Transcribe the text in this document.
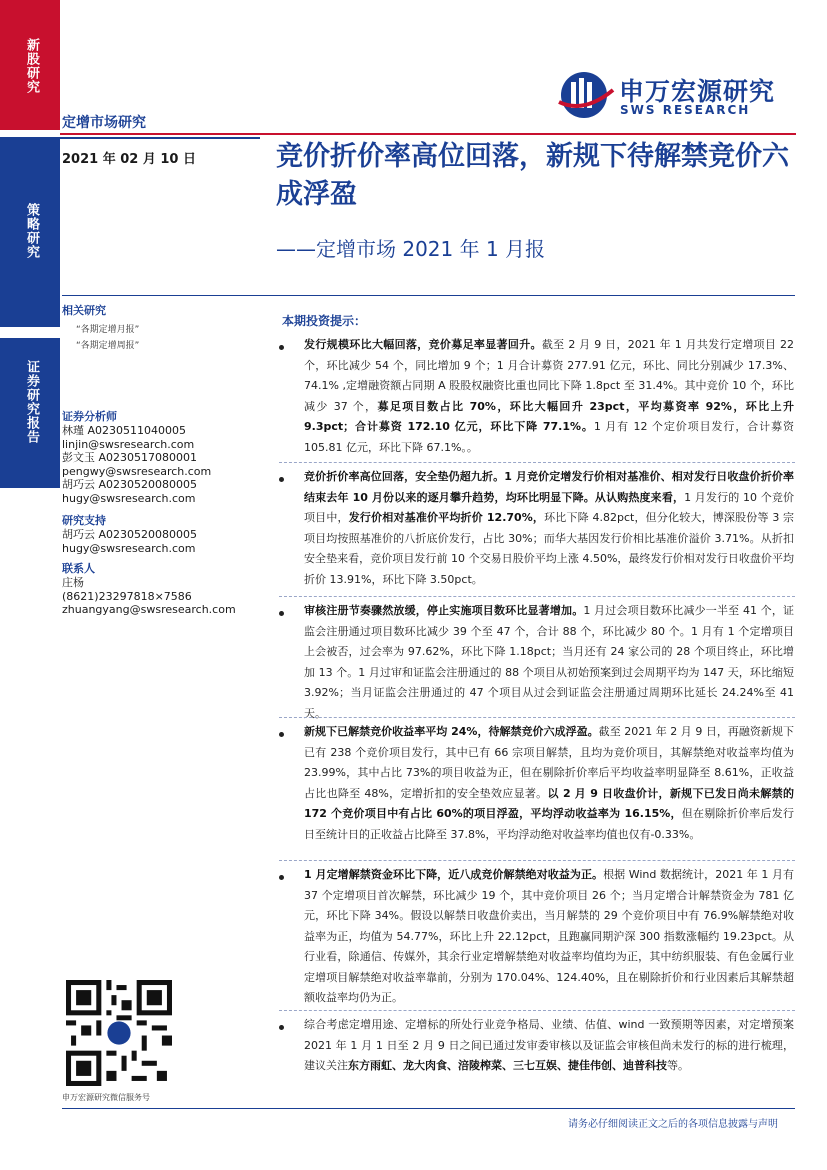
新股研究
策略研究
证券研究报告
申万宏源研究
SWS RESEARCH
定增市场研究
2021 年 02 月 10 日	竞价折价率高位回落，新规下待解禁竞价六成浮盈
——定增市场 2021 年 1 月报
相关研究
“各期定增月报”
“各期定增周报”
证券分析师
林瑾 A0230511040005
linjin@swsresearch.com
彭文玉 A0230517080001
pengwy@swsresearch.com
胡巧云 A0230520080005
hugy@swsresearch.com
研究支持
胡巧云 A0230520080005
hugy@swsresearch.com
联系人
庄杨
(8621)23297818×7586
zhuangyang@swsresearch.com
申万宏源研究微信服务号
本期投资提示：
发行规模环比大幅回落，竞价募足率显著回升。截至 2 月 9 日，2021 年 1 月共发行定增项目 22 个，环比减少 54 个，同比增加 9 个；1 月合计募资 277.91 亿元，环比、同比分别减少 17.3%、74.1% ,定增融资额占同期 A 股股权融资比重也同比下降 1.8pct 至 31.4%。其中竞价 10 个，环比减少 37 个，募足项目数占比 70%，环比大幅回升 23pct，平均募资率 92%，环比上升 9.3pct；合计募资 172.10 亿元，环比下降 77.1%。1 月有 12 个定价项目发行，合计募资 105.81 亿元，环比下降 67.1%。。
竞价折价率高位回落，安全垫仍超九折。1 月竞价定增发行价相对基准价、相对发行日收盘价折价率结束去年 10 月份以来的逐月攀升趋势，均环比明显下降。从认购热度来看，1 月发行的 10 个竞价项目中，发行价相对基准价平均折价 12.70%，环比下降 4.82pct，但分化较大，博深股份等 3 宗项目均按照基准价的八折底价发行，占比 30%；而华大基因发行价相比基准价溢价 3.71%。从折扣安全垫来看，竞价项目发行前 10 个交易日股价平均上涨 4.50%，最终发行价相对发行日收盘价平均折价 13.91%，环比下降 3.50pct。
审核注册节奏骤然放缓，停止实施项目数环比显著增加。1 月过会项目数环比减少一半至 41 个，证监会注册通过项目数环比减少 39 个至 47 个，合计 88 个，环比减少 80 个。1 月有 1 个定增项目上会被否，过会率为 97.62%，环比下降 1.18pct；当月还有 24 家公司的 28 个项目终止，环比增加 13 个。1 月过审和证监会注册通过的 88 个项目从初始预案到过会周期平均为 147 天，环比缩短 3.92%；当月证监会注册通过的 47 个项目从过会到证监会注册通过周期环比延长 24.24%至 41 天。
新规下已解禁竞价收益率平均 24%，待解禁竞价六成浮盈。截至 2021 年 2 月 9 日，再融资新规下已有 238 个竞价项目发行，其中已有 66 宗项目解禁，且均为竞价项目，其解禁绝对收益率均值为 23.99%，其中占比 73%的项目收益为正，但在剔除折价率后平均收益率明显降至 8.61%，正收益占比也降至 48%，定增折扣的安全垫效应显著。以 2 月 9 日收盘价计，新规下已发日尚未解禁的 172 个竞价项目中有占比 60%的项目浮盈，平均浮动收益率为 16.15%，但在剔除折价率后发行日至统计日的正收益占比降至 37.8%，平均浮动绝对收益率均值也仅有-0.33%。
1 月定增解禁资金环比下降，近八成竞价解禁绝对收益为正。根据 Wind 数据统计，2021 年 1 月有 37 个定增项目首次解禁，环比减少 19 个，其中竞价项目 26 个；当月定增合计解禁资金为 781 亿元，环比下降 34%。假设以解禁日收盘价卖出，当月解禁的 29 个竞价项目中有 76.9%解禁绝对收益率为正，均值为 54.77%，环比上升 22.12pct，且跑赢同期沪深 300 指数涨幅约 19.23pct。从行业看，除通信、传媒外，其余行业定增解禁绝对收益率均值均为正，其中纺织服装、有色金属行业定增项目解禁绝对收益率靠前，分别为 170.04%、124.40%，且在剔除折价和行业因素后其解禁超额收益率均仍为正。
综合考虑定增用途、定增标的所处行业竞争格局、业绩、估值、wind 一致预期等因素，对定增预案 2021 年 1 月 1 日至 2 月 9 日之间已通过发审委审核以及证监会审核但尚未发行的标的进行梳理，建议关注东方雨虹、龙大肉食、涪陵榨菜、三七互娱、捷佳伟创、迪普科技等。
请务必仔细阅读正文之后的各项信息披露与声明
